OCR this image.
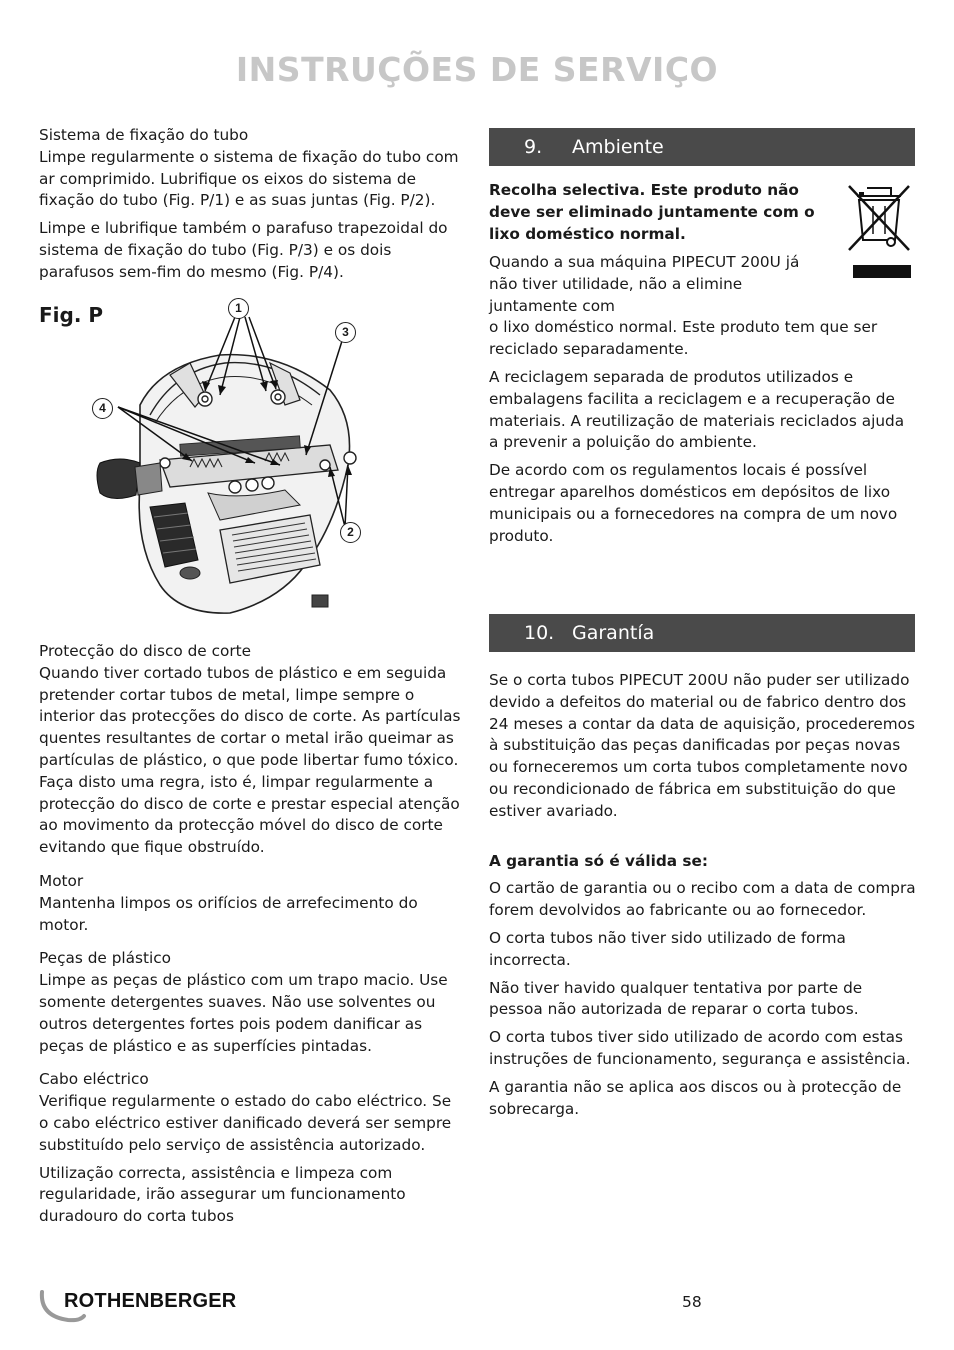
INSTRUÇÕES DE SERVIÇO
Sistema de fixação do tubo

Limpe regularmente o sistema de fixação do tubo com ar comprimido. Lubrifique os eixos do sistema de fixação do tubo (Fig. P/1) e as suas juntas (Fig. P/2).

Limpe e lubrifique também o parafuso trapezoidal do sistema de fixação do tubo (Fig. P/3) e os dois parafusos sem-fim do mesmo (Fig. P/4).

Fig. P	1
2
3
4
Protecção do disco de corte

Quando tiver cortado tubos de plástico e em seguida pretender cortar tubos de metal, limpe sempre o interior das protecções do disco de corte. As partículas quentes resultantes de cortar o metal irão queimar as partículas de plástico, o que pode libertar fumo tóxico. Faça disto uma regra, isto é, limpar regularmente a protecção do disco de corte e prestar especial atenção ao movimento da protecção móvel do disco de corte evitando que fique obstruído.

Motor

Mantenha limpos os orifícios de arrefecimento do motor.

Peças de plástico

Limpe as peças de plástico com um trapo macio. Use somente detergentes suaves. Não use solventes ou outros detergentes fortes pois podem danificar as peças de plástico e as superfícies pintadas.

Cabo eléctrico

Verifique regularmente o estado do cabo eléctrico. Se o cabo eléctrico estiver danificado deverá ser sempre substituído pelo serviço de assistência autorizado.

Utilização correcta, assistência e limpeza com regularidade, irão assegurar um funcionamento duradouro do corta tubos

9. Ambiente

Recolha selectiva. Este produto não deve ser eliminado juntamente com o lixo doméstico normal.

Quando a sua máquina PIPECUT 200U já não tiver utilidade, não a elimine juntamente com

o lixo doméstico normal. Este produto tem que ser reciclado separadamente.

A reciclagem separada de produtos utilizados e embalagens facilita a reciclagem e a recuperação de materiais. A reutilização de materiais reciclados ajuda a prevenir a poluição do ambiente.

De acordo com os regulamentos locais é possível entregar aparelhos domésticos em depósitos de lixo municipais ou a fornecedores na compra de um novo produto.

10. Garantía

Se o corta tubos PIPECUT 200U não puder ser utilizado devido a defeitos do material ou de fabrico dentro dos 24 meses a contar da data de aquisição, procederemos à substituição das peças danificadas por peças novas ou forneceremos um corta tubos completamente novo ou recondicionado de fábrica em substituição do que estiver avariado.

A garantia só é válida se:

O cartão de garantia ou o recibo com a data de compra forem devolvidos ao fabricante ou ao fornecedor.

O corta tubos não tiver sido utilizado de forma incorrecta.

Não tiver havido qualquer tentativa por parte de pessoa não autorizada de reparar o corta tubos.

O corta tubos tiver sido utilizado de acordo com estas instruções de funcionamento, segurança e assistência.

A garantia não se aplica aos discos ou à protecção de sobrecarga.

ROTHENBERGER	58
